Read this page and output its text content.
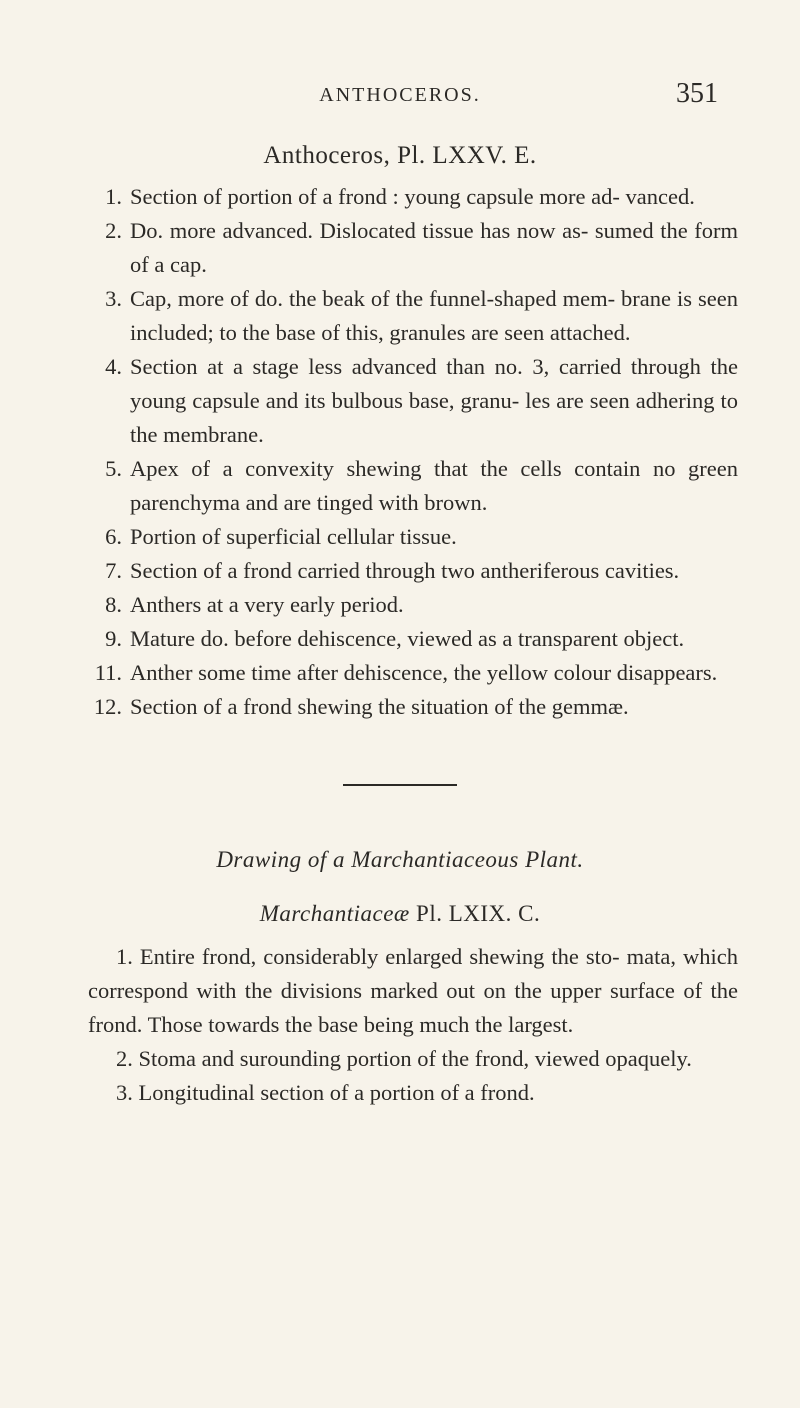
ANTHOCEROS.	351
Anthoceros, Pl. LXXV. E.
1. Section of portion of a frond : young capsule more ad- vanced.
2. Do. more advanced. Dislocated tissue has now as- sumed the form of a cap.
3. Cap, more of do. the beak of the funnel-shaped mem- brane is seen included; to the base of this, granules are seen attached.
4. Section at a stage less advanced than no. 3, carried through the young capsule and its bulbous base, granu- les are seen adhering to the membrane.
5. Apex of a convexity shewing that the cells contain no green parenchyma and are tinged with brown.
6. Portion of superficial cellular tissue.
7. Section of a frond carried through two antheriferous cavities.
8. Anthers at a very early period.
9. Mature do. before dehiscence, viewed as a transparent object.
11. Anther some time after dehiscence, the yellow colour disappears.
12. Section of a frond shewing the situation of the gemmæ.
Drawing of a Marchantiaceous Plant.
Marchantiaceæ Pl. LXIX. C.

1. Entire frond, considerably enlarged shewing the sto- mata, which correspond with the divisions marked out on the upper surface of the frond. Those towards the base being much the largest.

2. Stoma and surounding portion of the frond, viewed opaquely.

3. Longitudinal section of a portion of a frond.
